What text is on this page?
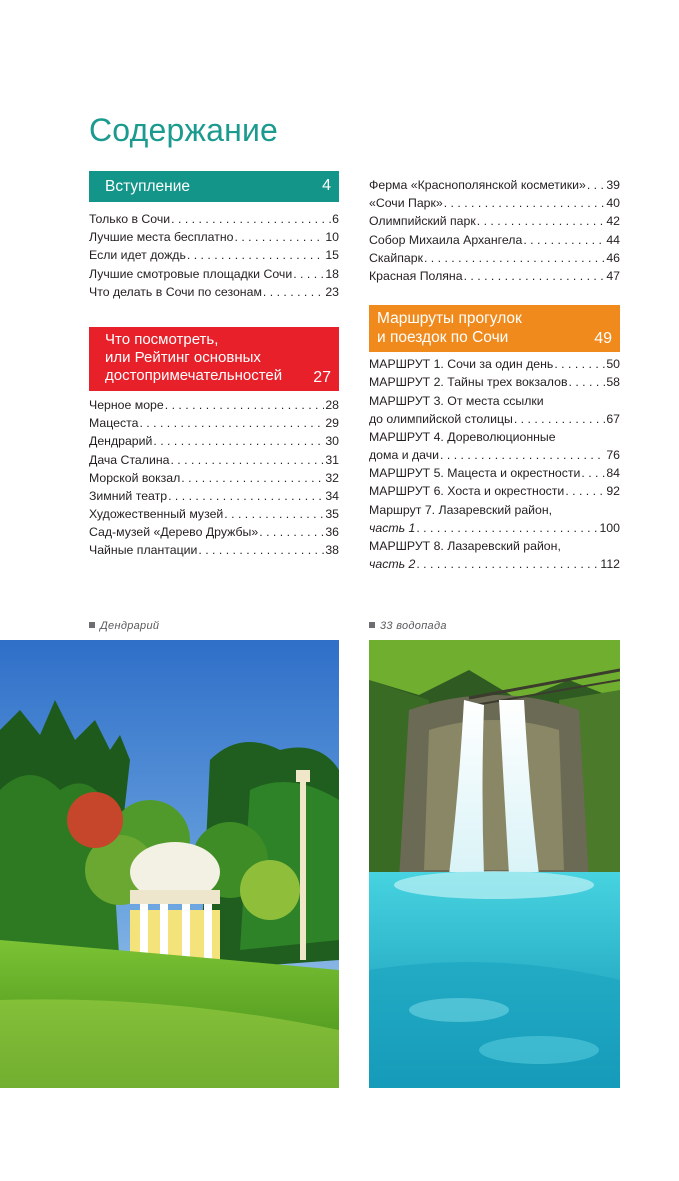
Содержание
Вступление	4
Только в Сочи . . .	6
Лучшие места бесплатно . . .	10
Если идет дождь . . .	15
Лучшие смотровые площадки Сочи . . .	18
Что делать в Сочи по сезонам . . .	23
Что посмотреть,
или Рейтинг основных
достопримечательностей	27
Черное море . . .	28
Мацеста . . .	29
Дендрарий . . .	30
Дача Сталина . . .	31
Морской вокзал . . .	32
Зимний театр . . .	34
Художественный музей . . .	35
Сад-музей «Дерево Дружбы» . . .	36
Чайные плантации . . .	38
Ферма «Краснополянской косметики» . . . 39
«Сочи Парк» . . .	40
Олимпийский парк . . .	42
Собор Михаила Архангела . . .	44
Скайпарк . . .	46
Красная Поляна . . .	47
Маршруты прогулок
и поездок по Сочи	49
МАРШРУТ 1. Сочи за один день . . .	50
МАРШРУТ 2. Тайны трех вокзалов . . .	58
МАРШРУТ 3. От места ссылки
до олимпийской столицы . . .	67
МАРШРУТ 4. Дореволюционные
дома и дачи . . .	76
МАРШРУТ 5. Мацеста и окрестности . . . 84
МАРШРУТ 6. Хоста и окрестности . . .	92
Маршрут 7. Лазаревский район,
часть 1 . . .	100
МАРШРУТ 8. Лазаревский район,
часть 2 . . .	112
Дендрарий	33 водопада
